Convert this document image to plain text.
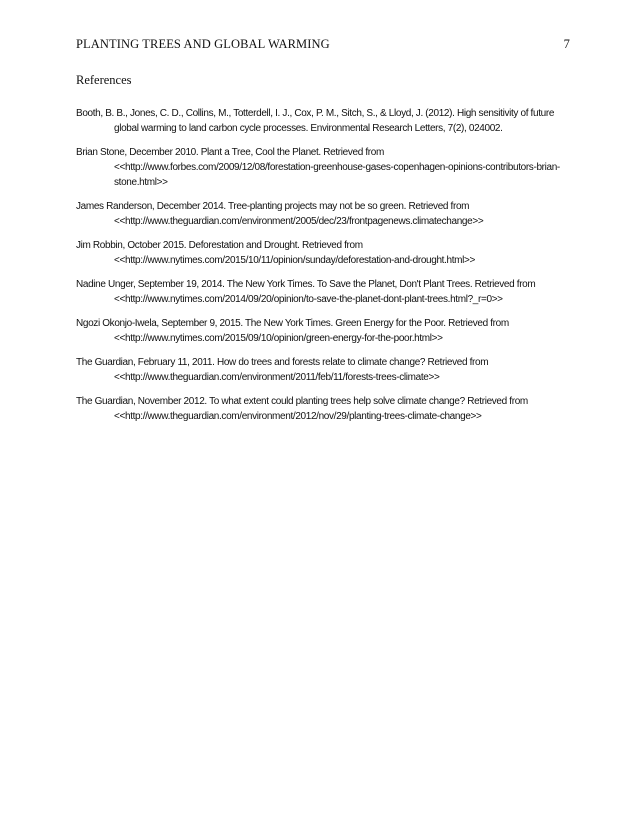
PLANTING TREES AND GLOBAL WARMING	7
References

Booth, B. B., Jones, C. D., Collins, M., Totterdell, I. J., Cox, P. M., Sitch, S., & Lloyd, J. (2012). High sensitivity of future global warming to land carbon cycle processes. Environmental Research Letters, 7(2), 024002.

Brian Stone, December 2010. Plant a Tree, Cool the Planet. Retrieved from <<http://www.forbes.com/2009/12/08/forestation-greenhouse-gases-copenhagen-opinions-contributors-brian-stone.html>>

James Randerson, December 2014. Tree-planting projects may not be so green. Retrieved from <<http://www.theguardian.com/environment/2005/dec/23/frontpagenews.climatechange>>

Jim Robbin, October 2015. Deforestation and Drought. Retrieved from <<http://www.nytimes.com/2015/10/11/opinion/sunday/deforestation-and-drought.html>>

Nadine Unger, September 19, 2014. The New York Times. To Save the Planet, Don't Plant Trees. Retrieved from <<http://www.nytimes.com/2014/09/20/opinion/to-save-the-planet-dont-plant-trees.html?_r=0>>

Ngozi Okonjo-Iwela, September 9, 2015. The New York Times. Green Energy for the Poor. Retrieved from <<http://www.nytimes.com/2015/09/10/opinion/green-energy-for-the-poor.html>>

The Guardian, February 11, 2011. How do trees and forests relate to climate change? Retrieved from <<http://www.theguardian.com/environment/2011/feb/11/forests-trees-climate>>

The Guardian, November 2012. To what extent could planting trees help solve climate change? Retrieved from <<http://www.theguardian.com/environment/2012/nov/29/planting-trees-climate-change>>
